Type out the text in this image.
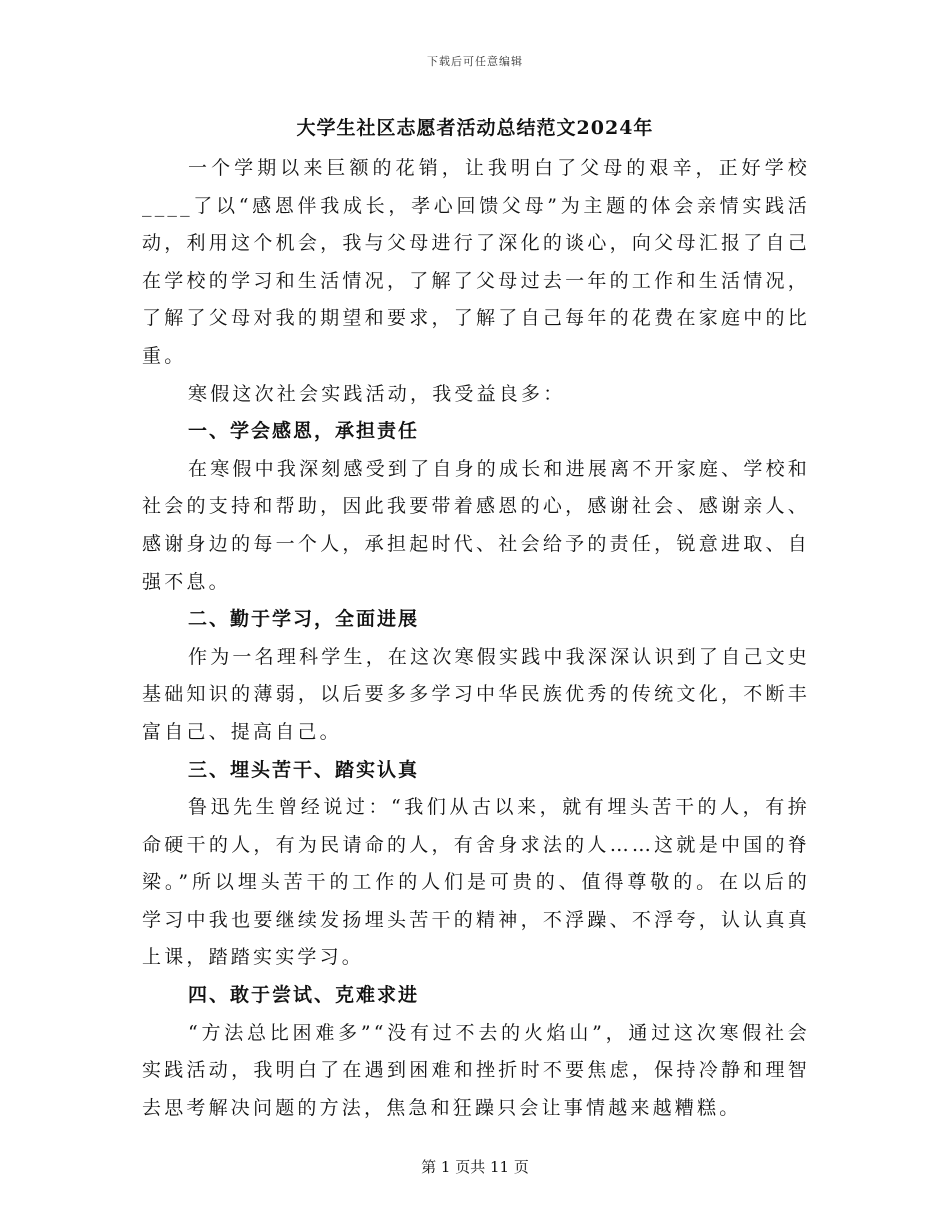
下载后可任意编辑
大学生社区志愿者活动总结范文2024年

一个学期以来巨额的花销，让我明白了父母的艰辛，正好学校____了以“感恩伴我成长，孝心回馈父母”为主题的体会亲情实践活动，利用这个机会，我与父母进行了深化的谈心，向父母汇报了自己在学校的学习和生活情况，了解了父母过去一年的工作和生活情况，了解了父母对我的期望和要求，了解了自己每年的花费在家庭中的比重。

寒假这次社会实践活动，我受益良多：

一、学会感恩，承担责任

在寒假中我深刻感受到了自身的成长和进展离不开家庭、学校和社会的支持和帮助，因此我要带着感恩的心，感谢社会、感谢亲人、感谢身边的每一个人，承担起时代、社会给予的责任，锐意进取、自强不息。

二、勤于学习，全面进展

作为一名理科学生，在这次寒假实践中我深深认识到了自己文史基础知识的薄弱，以后要多多学习中华民族优秀的传统文化，不断丰富自己、提高自己。

三、埋头苦干、踏实认真

鲁迅先生曾经说过：“我们从古以来，就有埋头苦干的人，有拚命硬干的人，有为民请命的人，有舍身求法的人……这就是中国的脊梁。”所以埋头苦干的工作的人们是可贵的、值得尊敬的。在以后的学习中我也要继续发扬埋头苦干的精神，不浮躁、不浮夸，认认真真上课，踏踏实实学习。

四、敢于尝试、克难求进

“方法总比困难多”“没有过不去的火焰山”，通过这次寒假社会实践活动，我明白了在遇到困难和挫折时不要焦虑，保持冷静和理智去思考解决问题的方法，焦急和狂躁只会让事情越来越糟糕。

第 1 页共 11 页
